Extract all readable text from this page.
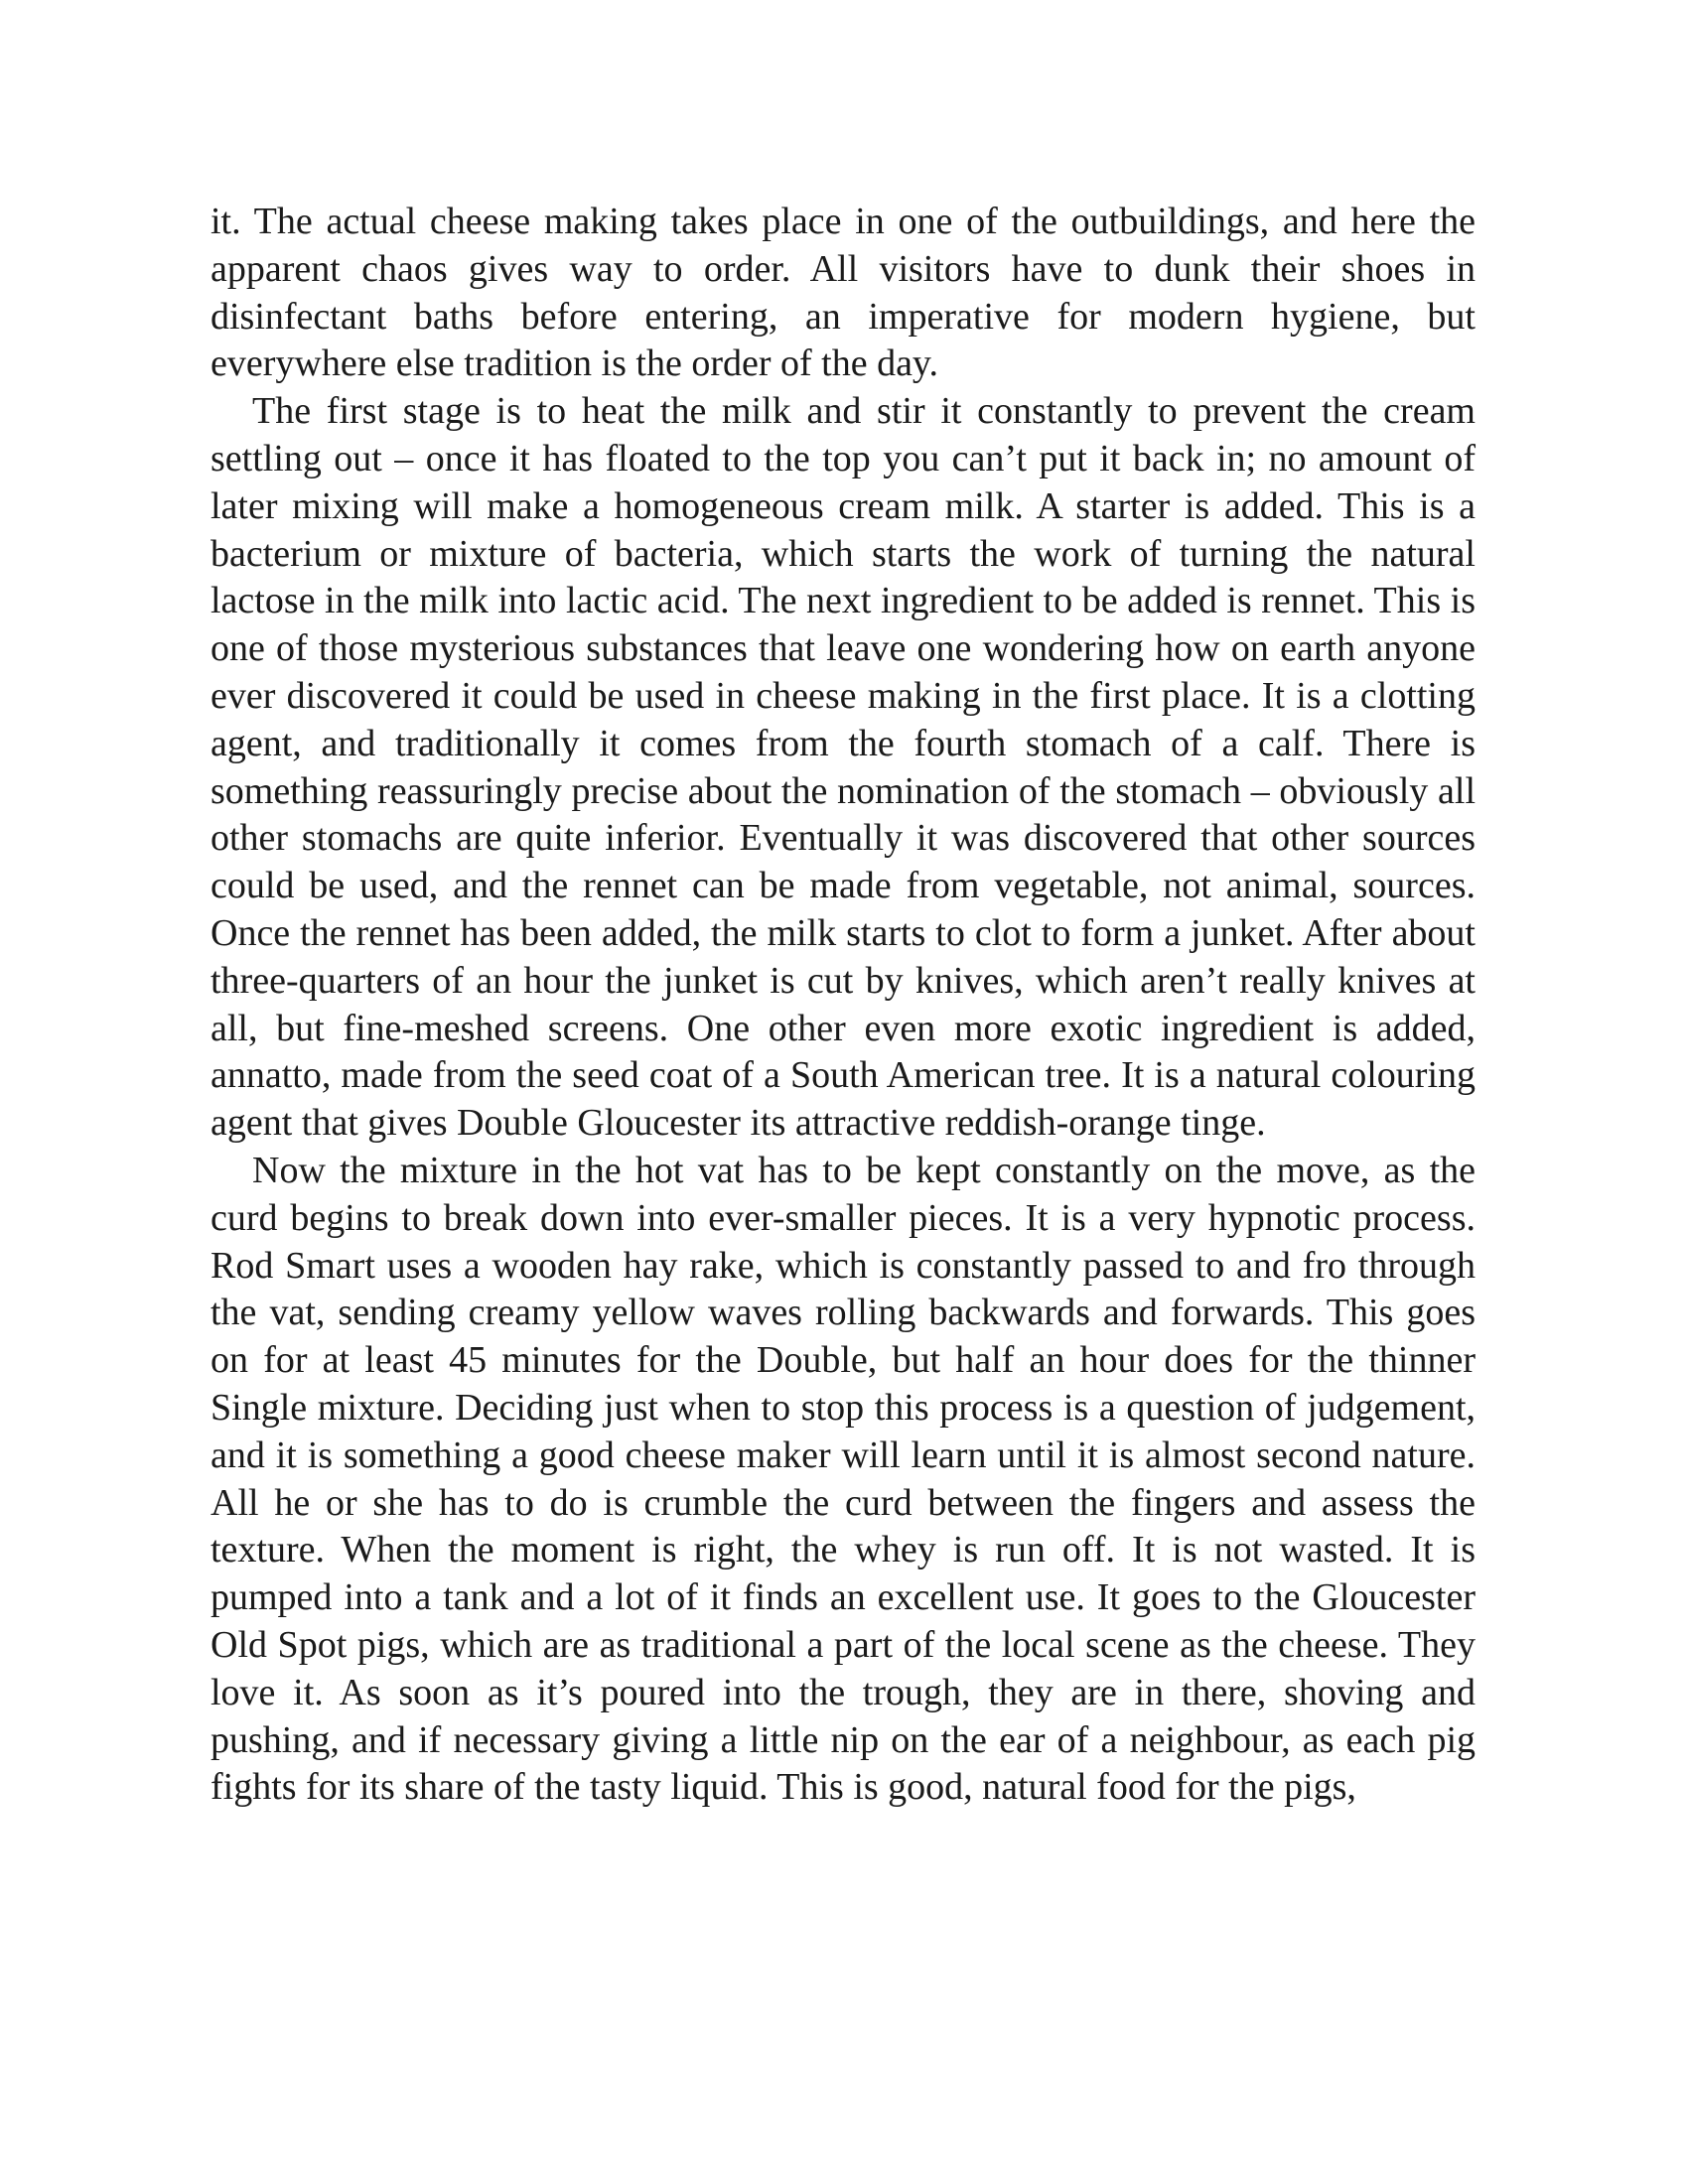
it. The actual cheese making takes place in one of the outbuildings, and here the apparent chaos gives way to order. All visitors have to dunk their shoes in disinfectant baths before entering, an imperative for modern hygiene, but everywhere else tradition is the order of the day.

The first stage is to heat the milk and stir it constantly to prevent the cream settling out – once it has floated to the top you can’t put it back in; no amount of later mixing will make a homogeneous cream milk. A starter is added. This is a bacterium or mixture of bacteria, which starts the work of turning the natural lactose in the milk into lactic acid. The next ingredient to be added is rennet. This is one of those mysterious substances that leave one wondering how on earth anyone ever discovered it could be used in cheese making in the first place. It is a clotting agent, and traditionally it comes from the fourth stomach of a calf. There is something reassuringly precise about the nomination of the stomach – obviously all other stomachs are quite inferior. Eventually it was discovered that other sources could be used, and the rennet can be made from vegetable, not animal, sources. Once the rennet has been added, the milk starts to clot to form a junket. After about three-quarters of an hour the junket is cut by knives, which aren’t really knives at all, but fine-meshed screens. One other even more exotic ingredient is added, annatto, made from the seed coat of a South American tree. It is a natural colouring agent that gives Double Gloucester its attractive reddish-orange tinge.

Now the mixture in the hot vat has to be kept constantly on the move, as the curd begins to break down into ever-smaller pieces. It is a very hypnotic process. Rod Smart uses a wooden hay rake, which is constantly passed to and fro through the vat, sending creamy yellow waves rolling backwards and forwards. This goes on for at least 45 minutes for the Double, but half an hour does for the thinner Single mixture. Deciding just when to stop this process is a question of judgement, and it is something a good cheese maker will learn until it is almost second nature. All he or she has to do is crumble the curd between the fingers and assess the texture. When the moment is right, the whey is run off. It is not wasted. It is pumped into a tank and a lot of it finds an excellent use. It goes to the Gloucester Old Spot pigs, which are as traditional a part of the local scene as the cheese. They love it. As soon as it’s poured into the trough, they are in there, shoving and pushing, and if necessary giving a little nip on the ear of a neighbour, as each pig fights for its share of the tasty liquid. This is good, natural food for the pigs,
